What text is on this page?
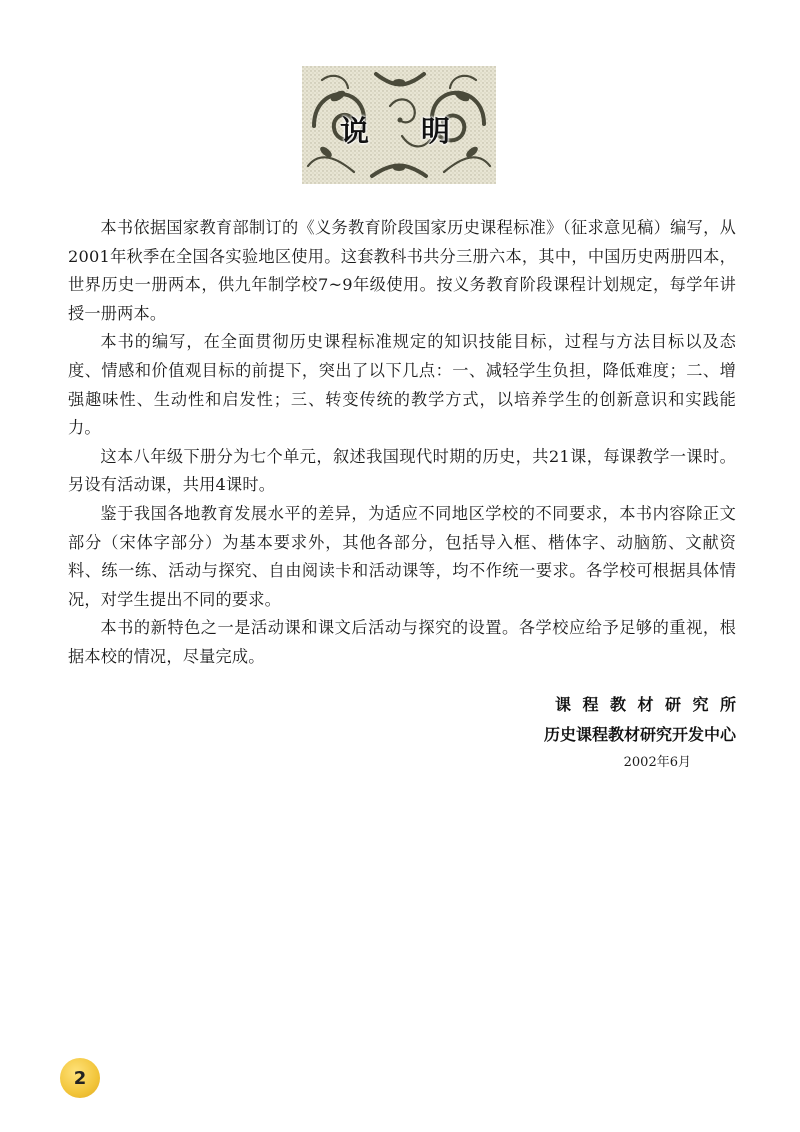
说 明

本书依据国家教育部制订的《义务教育阶段国家历史课程标准》（征求意见稿）编写，从2001年秋季在全国各实验地区使用。这套教科书共分三册六本，其中，中国历史两册四本，世界历史一册两本，供九年制学校7~9年级使用。按义务教育阶段课程计划规定，每学年讲授一册两本。

本书的编写，在全面贯彻历史课程标准规定的知识技能目标，过程与方法目标以及态度、情感和价值观目标的前提下，突出了以下几点：一、减轻学生负担，降低难度；二、增强趣味性、生动性和启发性；三、转变传统的教学方式，以培养学生的创新意识和实践能力。

这本八年级下册分为七个单元，叙述我国现代时期的历史，共21课，每课教学一课时。另设有活动课，共用4课时。

鉴于我国各地教育发展水平的差异，为适应不同地区学校的不同要求，本书内容除正文部分（宋体字部分）为基本要求外，其他各部分，包括导入框、楷体字、动脑筋、文献资料、练一练、活动与探究、自由阅读卡和活动课等，均不作统一要求。各学校可根据具体情况，对学生提出不同的要求。

本书的新特色之一是活动课和课文后活动与探究的设置。各学校应给予足够的重视，根据本校的情况，尽量完成。

课程教材研究所
历史课程教材研究开发中心
2002年6月
2
